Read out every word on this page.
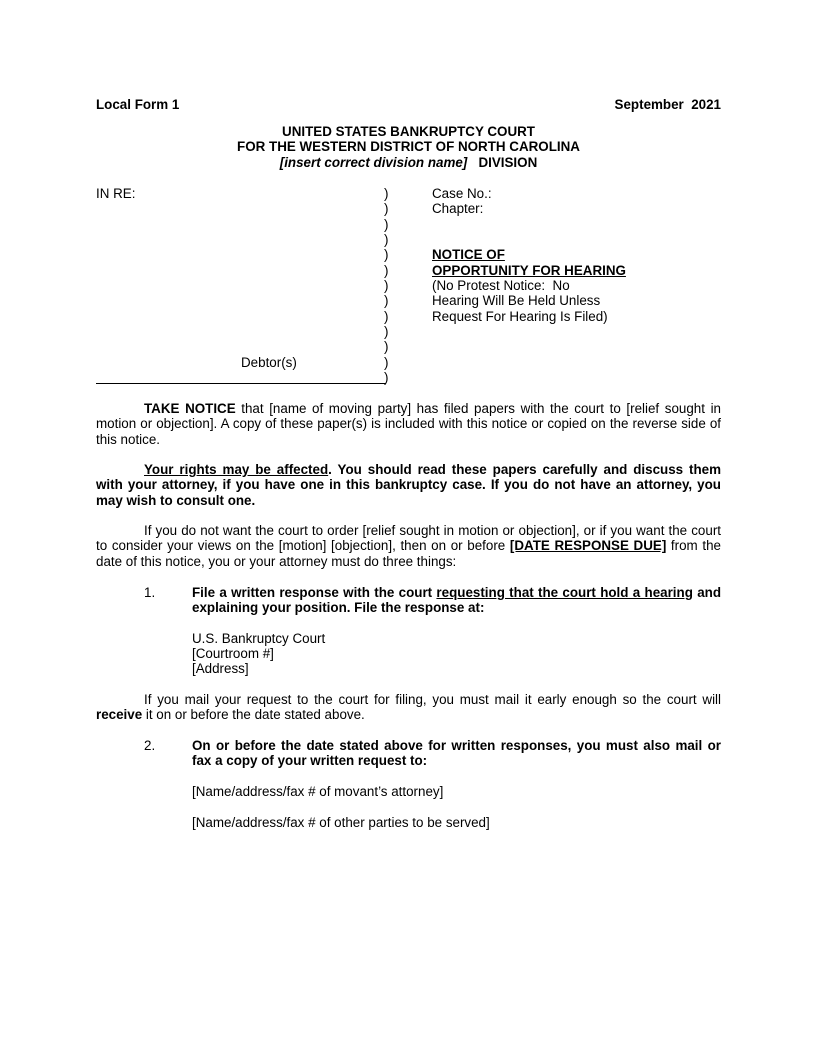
Local Form 1	September  2021
UNITED STATES BANKRUPTCY COURT
FOR THE WESTERN DISTRICT OF NORTH CAROLINA
[insert correct division name] DIVISION
IN RE:
Debtor(s)
)
)
)
)
)
)
)
)
)
)
)
)
)
Case No.:
Chapter:
NOTICE OF
OPPORTUNITY FOR HEARING
(No Protest Notice:  No
Hearing Will Be Held Unless
Request For Hearing Is Filed)

TAKE NOTICE that [name of moving party] has filed papers with the court to [relief sought in motion or objection]. A copy of these paper(s) is included with this notice or copied on the reverse side of this notice.

Your rights may be affected. You should read these papers carefully and discuss them with your attorney, if you have one in this bankruptcy case. If you do not have an attorney, you may wish to consult one.

If you do not want the court to order [relief sought in motion or objection], or if you want the court to consider your views on the [motion] [objection], then on or before [DATE RESPONSE DUE] from the date of this notice, you or your attorney must do three things:

1.	File a written response with the court requesting that the court hold a hearing and explaining your position. File the response at:
U.S. Bankruptcy Court
[Courtroom #]
[Address]

If you mail your request to the court for filing, you must mail it early enough so the court will receive it on or before the date stated above.

2.	On or before the date stated above for written responses, you must also mail or fax a copy of your written request to:
[Name/address/fax # of movant’s attorney]
[Name/address/fax # of other parties to be served]
